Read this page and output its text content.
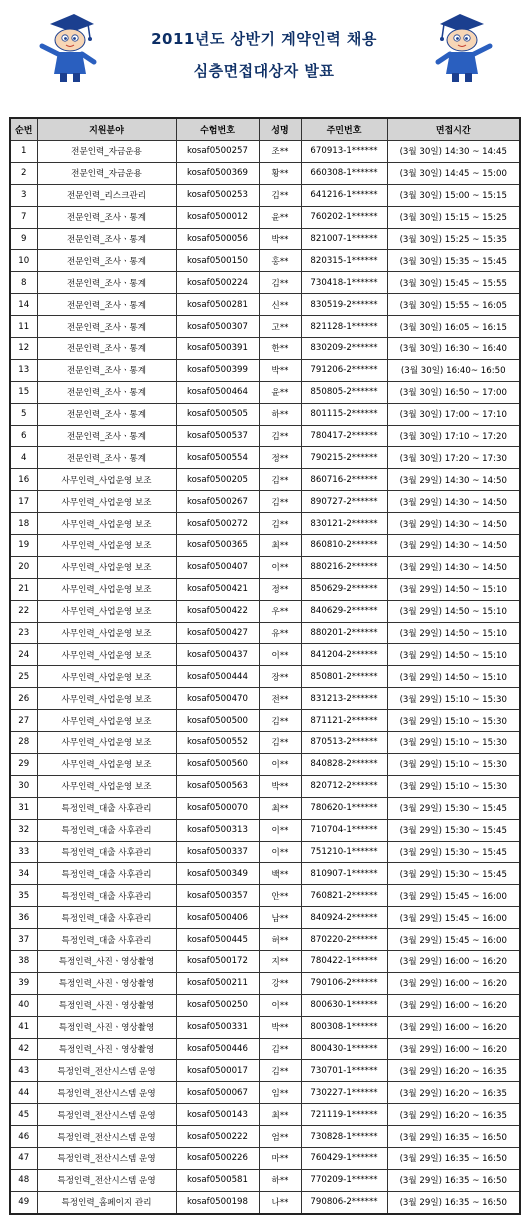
2011년도 상반기 계약인력 채용
심층면접대상자 발표
순번	지원분야	수험번호	성명	주민번호	면접시간
1	전문인력_자금운용	kosaf0500257	조**	670913-1******	(3월 30일) 14:30 ~ 14:45
2	전문인력_자금운용	kosaf0500369	황**	660308-1******	(3월 30일) 14:45 ~ 15:00
3	전문인력_리스크관리	kosaf0500253	김**	641216-1******	(3월 30일) 15:00 ~ 15:15
7	전문인력_조사ㆍ통계	kosaf0500012	윤**	760202-1******	(3월 30일) 15:15 ~ 15:25
9	전문인력_조사ㆍ통계	kosaf0500056	박**	821007-1******	(3월 30일) 15:25 ~ 15:35
10	전문인력_조사ㆍ통계	kosaf0500150	홍**	820315-1******	(3월 30일) 15:35 ~ 15:45
8	전문인력_조사ㆍ통계	kosaf0500224	김**	730418-1******	(3월 30일) 15:45 ~ 15:55
14	전문인력_조사ㆍ통계	kosaf0500281	신**	830519-2******	(3월 30일) 15:55 ~ 16:05
11	전문인력_조사ㆍ통계	kosaf0500307	고**	821128-1******	(3월 30일) 16:05 ~ 16:15
12	전문인력_조사ㆍ통계	kosaf0500391	한**	830209-2******	(3월 30일) 16:30 ~ 16:40
13	전문인력_조사ㆍ통계	kosaf0500399	박**	791206-2******	(3월 30일) 16:40~ 16:50
15	전문인력_조사ㆍ통계	kosaf0500464	윤**	850805-2******	(3월 30일) 16:50 ~ 17:00
5	전문인력_조사ㆍ통계	kosaf0500505	하**	801115-2******	(3월 30일) 17:00 ~ 17:10
6	전문인력_조사ㆍ통계	kosaf0500537	김**	780417-2******	(3월 30일) 17:10 ~ 17:20
4	전문인력_조사ㆍ통계	kosaf0500554	정**	790215-2******	(3월 30일) 17:20 ~ 17:30
16	사무인력_사업운영 보조	kosaf0500205	김**	860716-2******	(3월 29일) 14:30 ~ 14:50
17	사무인력_사업운영 보조	kosaf0500267	김**	890727-2******	(3월 29일) 14:30 ~ 14:50
18	사무인력_사업운영 보조	kosaf0500272	김**	830121-2******	(3월 29일) 14:30 ~ 14:50
19	사무인력_사업운영 보조	kosaf0500365	최**	860810-2******	(3월 29일) 14:30 ~ 14:50
20	사무인력_사업운영 보조	kosaf0500407	이**	880216-2******	(3월 29일) 14:30 ~ 14:50
21	사무인력_사업운영 보조	kosaf0500421	정**	850629-2******	(3월 29일) 14:50 ~ 15:10
22	사무인력_사업운영 보조	kosaf0500422	우**	840629-2******	(3월 29일) 14:50 ~ 15:10
23	사무인력_사업운영 보조	kosaf0500427	유**	880201-2******	(3월 29일) 14:50 ~ 15:10
24	사무인력_사업운영 보조	kosaf0500437	이**	841204-2******	(3월 29일) 14:50 ~ 15:10
25	사무인력_사업운영 보조	kosaf0500444	장**	850801-2******	(3월 29일) 14:50 ~ 15:10
26	사무인력_사업운영 보조	kosaf0500470	전**	831213-2******	(3월 29일) 15:10 ~ 15:30
27	사무인력_사업운영 보조	kosaf0500500	김**	871121-2******	(3월 29일) 15:10 ~ 15:30
28	사무인력_사업운영 보조	kosaf0500552	김**	870513-2******	(3월 29일) 15:10 ~ 15:30
29	사무인력_사업운영 보조	kosaf0500560	이**	840828-2******	(3월 29일) 15:10 ~ 15:30
30	사무인력_사업운영 보조	kosaf0500563	박**	820712-2******	(3월 29일) 15:10 ~ 15:30
31	특정인력_대출 사후관리	kosaf0500070	최**	780620-1******	(3월 29일) 15:30 ~ 15:45
32	특정인력_대출 사후관리	kosaf0500313	이**	710704-1******	(3월 29일) 15:30 ~ 15:45
33	특정인력_대출 사후관리	kosaf0500337	이**	751210-1******	(3월 29일) 15:30 ~ 15:45
34	특정인력_대출 사후관리	kosaf0500349	백**	810907-1******	(3월 29일) 15:30 ~ 15:45
35	특정인력_대출 사후관리	kosaf0500357	안**	760821-2******	(3월 29일) 15:45 ~ 16:00
36	특정인력_대출 사후관리	kosaf0500406	남**	840924-2******	(3월 29일) 15:45 ~ 16:00
37	특정인력_대출 사후관리	kosaf0500445	허**	870220-2******	(3월 29일) 15:45 ~ 16:00
38	특정인력_사진ㆍ영상촬영	kosaf0500172	지**	780422-1******	(3월 29일) 16:00 ~ 16:20
39	특정인력_사진ㆍ영상촬영	kosaf0500211	강**	790106-2******	(3월 29일) 16:00 ~ 16:20
40	특정인력_사진ㆍ영상촬영	kosaf0500250	이**	800630-1******	(3월 29일) 16:00 ~ 16:20
41	특정인력_사진ㆍ영상촬영	kosaf0500331	박**	800308-1******	(3월 29일) 16:00 ~ 16:20
42	특정인력_사진ㆍ영상촬영	kosaf0500446	김**	800430-1******	(3월 29일) 16:00 ~ 16:20
43	특정인력_전산시스템 운영	kosaf0500017	김**	730701-1******	(3월 29일) 16:20 ~ 16:35
44	특정인력_전산시스템 운영	kosaf0500067	임**	730227-1******	(3월 29일) 16:20 ~ 16:35
45	특정인력_전산시스템 운영	kosaf0500143	최**	721119-1******	(3월 29일) 16:20 ~ 16:35
46	특정인력_전산시스템 운영	kosaf0500222	엄**	730828-1******	(3월 29일) 16:35 ~ 16:50
47	특정인력_전산시스템 운영	kosaf0500226	마**	760429-1******	(3월 29일) 16:35 ~ 16:50
48	특정인력_전산시스템 운영	kosaf0500581	하**	770209-1******	(3월 29일) 16:35 ~ 16:50
49	특정인력_홈페이지 관리	kosaf0500198	나**	790806-2******	(3월 29일) 16:35 ~ 16:50
